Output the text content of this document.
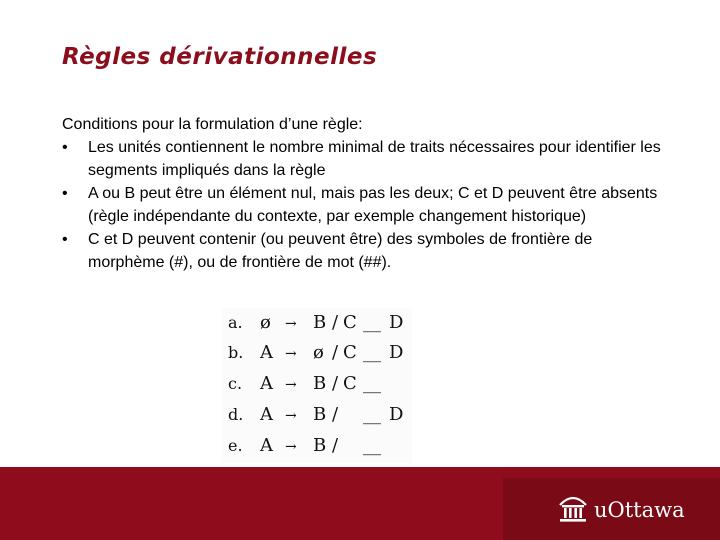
Règles dérivationnelles

Conditions pour la formulation d’une règle:

• Les unités contiennent le nombre minimal de traits nécessaires pour identifier les segments impliqués dans la règle
• A ou B peut être un élément nul, mais pas les deux; C et D peuvent être absents (règle indépendante du contexte, par exemple changement historique)
• C et D peuvent contenir (ou peuvent être) des symboles de frontière de morphème (#), ou de frontière de mot (##).
a. ø → B / C __ D
b. A → ø / C __ D
c. A → B / C __
d. A → B / __ D
e. A → B / __
uOttawa
